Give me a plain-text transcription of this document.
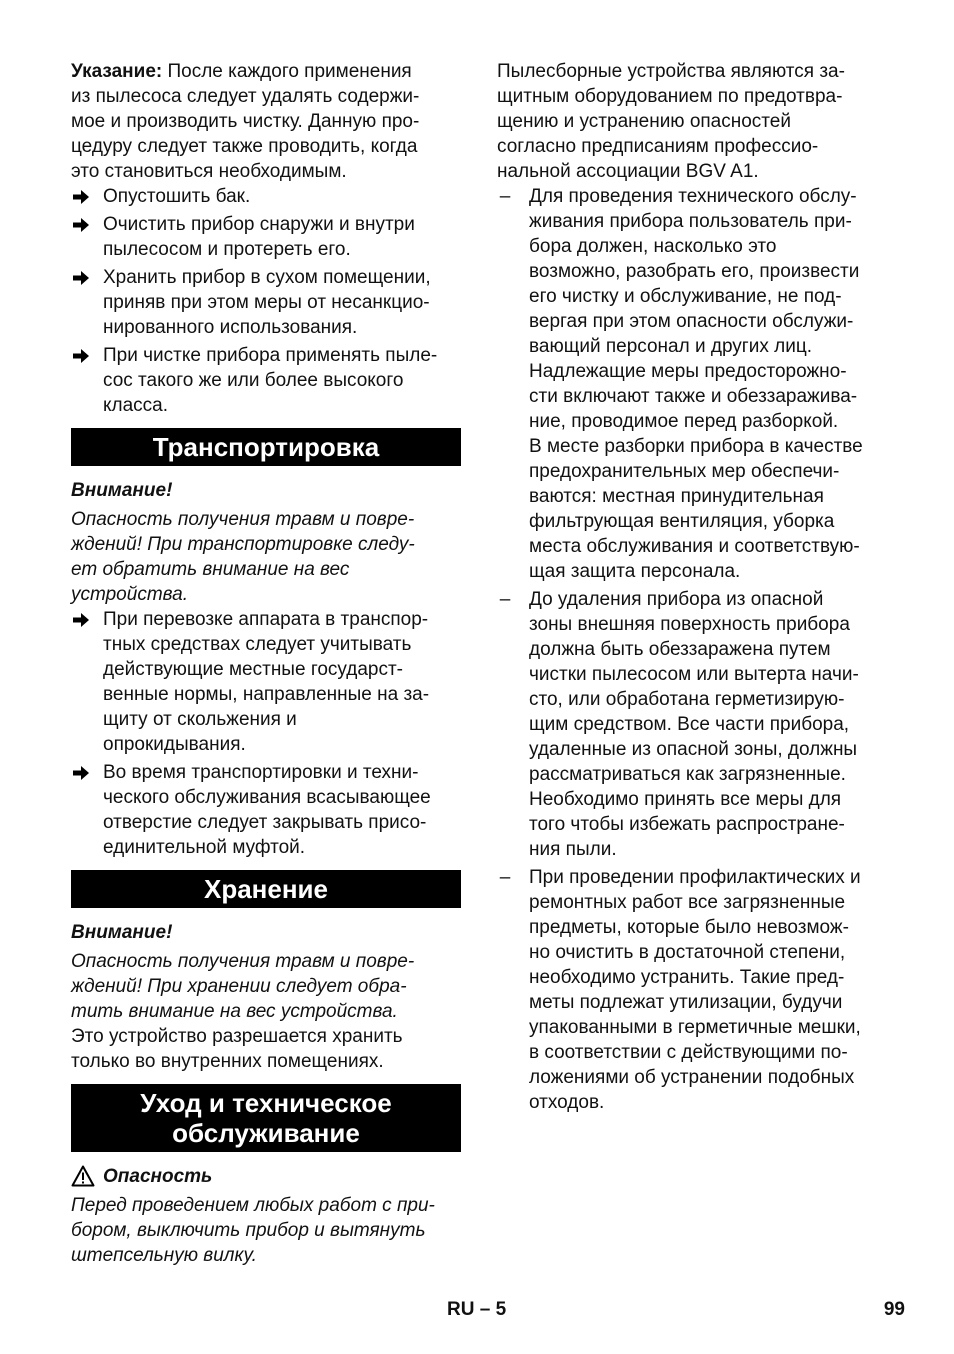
Указание: После каждого применения
из пылесоса следует удалять содержи-
мое и производить чистку. Данную про-
цедуру следует также проводить, когда
это становиться необходимым.
Опустошить бак.
Очистить прибор снаружи и внутри
пылесосом и протереть его.
Хранить прибор в сухом помещении,
приняв при этом меры от несанкцио-
нированного использования.
При чистке прибора применять пыле-
сос такого же или более высокого
класса.
Транспортировка
Внимание!
Опасность получения травм и повре-
ждений! При транспортировке следу-
ет обратить внимание на вес
устройства.
При перевозке аппарата в транспор-
тных средствах следует учитывать
действующие местные государст-
венные нормы, направленные на за-
щиту от скольжения и
опрокидывания.
Во время транспортировки и техни-
ческого обслуживания всасывающее
отверстие следует закрывать присо-
единительной муфтой.
Хранение
Внимание!
Опасность получения травм и повре-
ждений! При хранении следует обра-
тить внимание на вес устройства.
Это устройство разрешается хранить
только во внутренних помещениях.
Уход и техническое
обслуживание
Опасность
Перед проведением любых работ с при-
бором, выключить прибор и вытянуть
штепсельную вилку.
Пылесборные устройства являются за-
щитным оборудованием по предотвра-
щению и устранению опасностей
согласно предписаниям профессио-
нальной ассоциации BGV A1.
– Для проведения технического обслу-
живания прибора пользователь при-
бора должен, насколько это
возможно, разобрать его, произвести
его чистку и обслуживание, не под-
вергая при этом опасности обслужи-
вающий персонал и других лиц.
Надлежащие меры предосторожно-
сти включают также и обеззаражива-
ние, проводимое перед разборкой.
В месте разборки прибора в качестве
предохранительных мер обеспечи-
ваются: местная принудительная
фильтрующая вентиляция, уборка
места обслуживания и соответствую-
щая защита персонала.
– До удаления прибора из опасной
зоны внешняя поверхность прибора
должна быть обеззаражена путем
чистки пылесосом или вытерта начи-
сто, или обработана герметизирую-
щим средством. Все части прибора,
удаленные из опасной зоны, должны
рассматриваться как загрязненные.
Необходимо принять все меры для
того чтобы избежать распростране-
ния пыли.
– При проведении профилактических и
ремонтных работ все загрязненные
предметы, которые было невозмож-
но очистить в достаточной степени,
необходимо устранить. Такие пред-
меты подлежат утилизации, будучи
упакованными в герметичные мешки,
в соответствии с действующими по-
ложениями об устранении подобных
отходов.
RU – 5	99
